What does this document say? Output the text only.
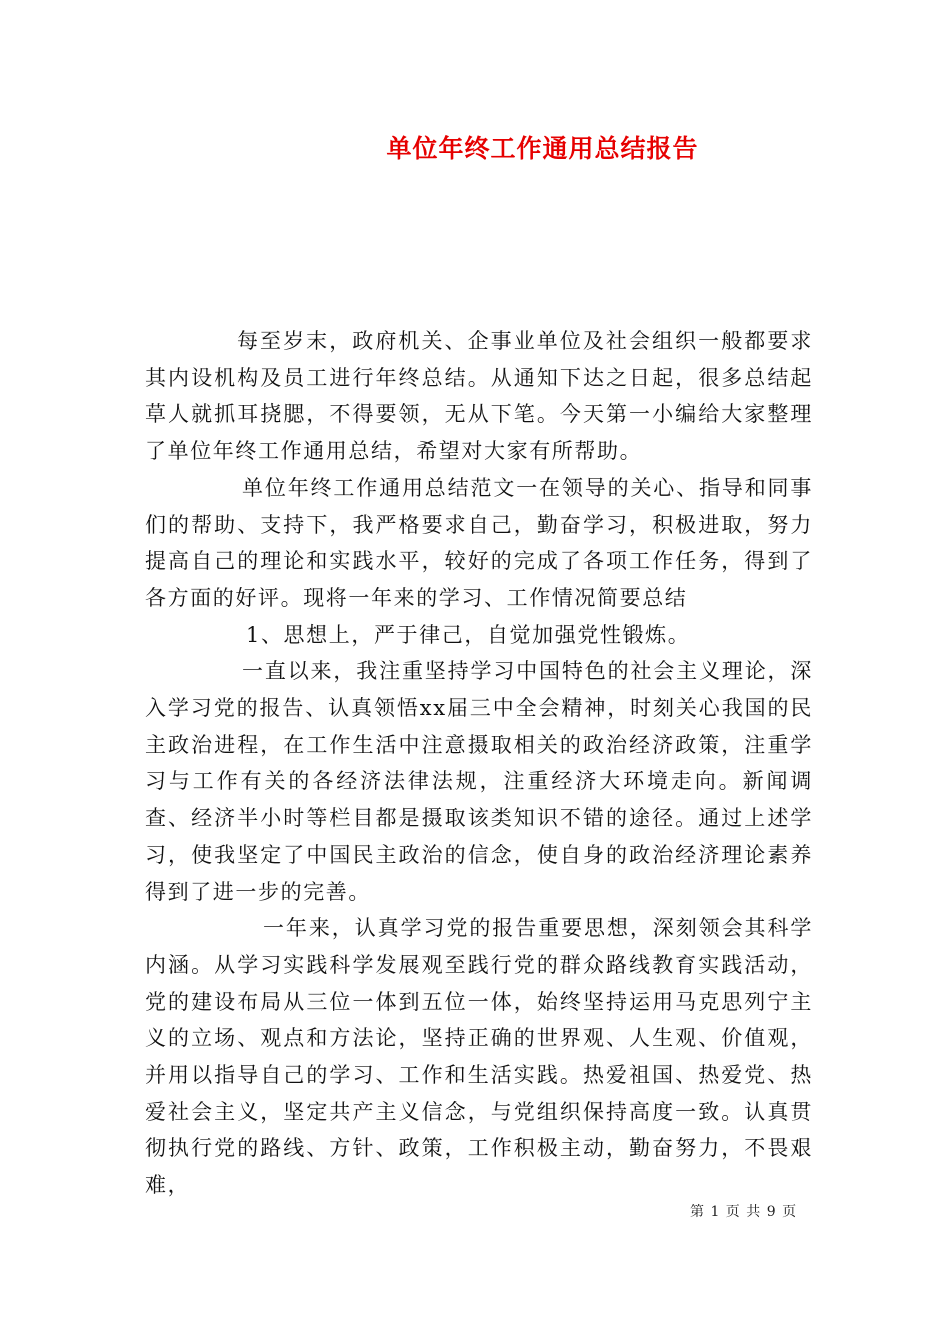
单位年终工作通用总结报告

每至岁末，政府机关、企事业单位及社会组织一般都要求其内设机构及员工进行年终总结。从通知下达之日起，很多总结起草人就抓耳挠腮，不得要领，无从下笔。今天第一小编给大家整理了单位年终工作通用总结，希望对大家有所帮助。

单位年终工作通用总结范文一在领导的关心、指导和同事们的帮助、支持下，我严格要求自己，勤奋学习，积极进取，努力提高自己的理论和实践水平，较好的完成了各项工作任务，得到了各方面的好评。现将一年来的学习、工作情况简要总结

1、思想上，严于律己，自觉加强党性锻炼。

一直以来，我注重坚持学习中国特色的社会主义理论，深入学习党的报告、认真领悟xx届三中全会精神，时刻关心我国的民主政治进程，在工作生活中注意摄取相关的政治经济政策，注重学习与工作有关的各经济法律法规，注重经济大环境走向。新闻调查、经济半小时等栏目都是摄取该类知识不错的途径。通过上述学习，使我坚定了中国民主政治的信念，使自身的政治经济理论素养得到了进一步的完善。

一年来，认真学习党的报告重要思想，深刻领会其科学内涵。从学习实践科学发展观至践行党的群众路线教育实践活动，党的建设布局从三位一体到五位一体，始终坚持运用马克思列宁主义的立场、观点和方法论，坚持正确的世界观、人生观、价值观，并用以指导自己的学习、工作和生活实践。热爱祖国、热爱党、热爱社会主义，坚定共产主义信念，与党组织保持高度一致。认真贯彻执行党的路线、方针、政策，工作积极主动，勤奋努力，不畏艰难，

第 1 页 共 9 页
